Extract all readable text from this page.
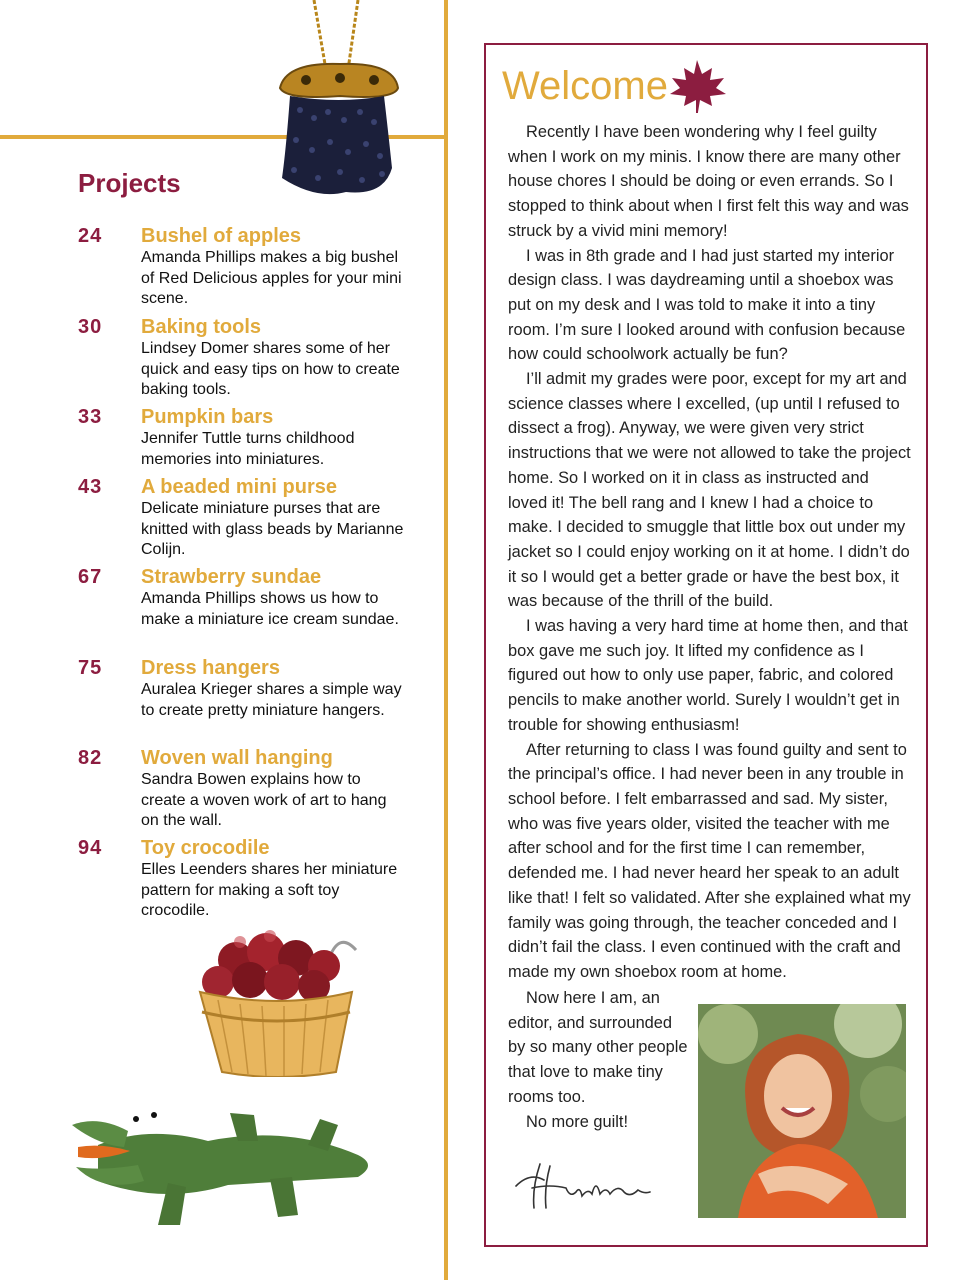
Projects
24 Bushel of apples
Amanda Phillips makes a big bushel of Red Delicious apples for your mini scene.
30 Baking tools
Lindsey Domer shares some of her quick and easy tips on how to create baking tools.
33 Pumpkin bars
Jennifer Tuttle turns childhood memories into miniatures.
43 A beaded mini purse
Delicate miniature purses that are knitted with glass beads by Marianne Colijn.
67 Strawberry sundae
Amanda Phillips shows us how to make a miniature ice cream sundae.
75 Dress hangers
Auralea Krieger shares a simple way to create pretty miniature hangers.
82 Woven wall hanging
Sandra Bowen explains how to create a woven work of art to hang on the wall.
94 Toy crocodile
Elles Leenders shares her miniature pattern for making a soft toy crocodile.
Welcome

Recently I have been wondering why I feel guilty when I work on my minis. I know there are many other house chores I should be doing or even errands. So I stopped to think about when I first felt this way and was struck by a vivid mini memory!

I was in 8th grade and I had just started my interior design class. I was daydreaming until a shoebox was put on my desk and I was told to make it into a tiny room. I’m sure I looked around with confusion because how could schoolwork actually be fun?

I’ll admit my grades were poor, except for my art and science classes where I excelled, (up until I refused to dissect a frog). Anyway, we were given very strict instructions that we were not allowed to take the project home. So I worked on it in class as instructed and loved it! The bell rang and I knew I had a choice to make. I decided to smuggle that little box out under my jacket so I could enjoy working on it at home. I didn’t do it so I would get a better grade or have the best box, it was because of the thrill of the build.

I was having a very hard time at home then, and that box gave me such joy. It lifted my confidence as I figured out how to only use paper, fabric, and colored pencils to make another world. Surely I wouldn’t get in trouble for showing enthusiasm!

After returning to class I was found guilty and sent to the principal’s office. I had never been in any trouble in school before. I felt embarrassed and sad. My sister, who was five years older, visited the teacher with me after school and for the first time I can remember, defended me. I had never heard her speak to an adult like that! I felt so validated. After she explained what my family was going through, the teacher conceded and I didn’t fail the class. I even continued with the craft and made my own shoebox room at home.

Now here I am, an editor, and surrounded by so many other people that love to make tiny rooms too.

No more guilt!
